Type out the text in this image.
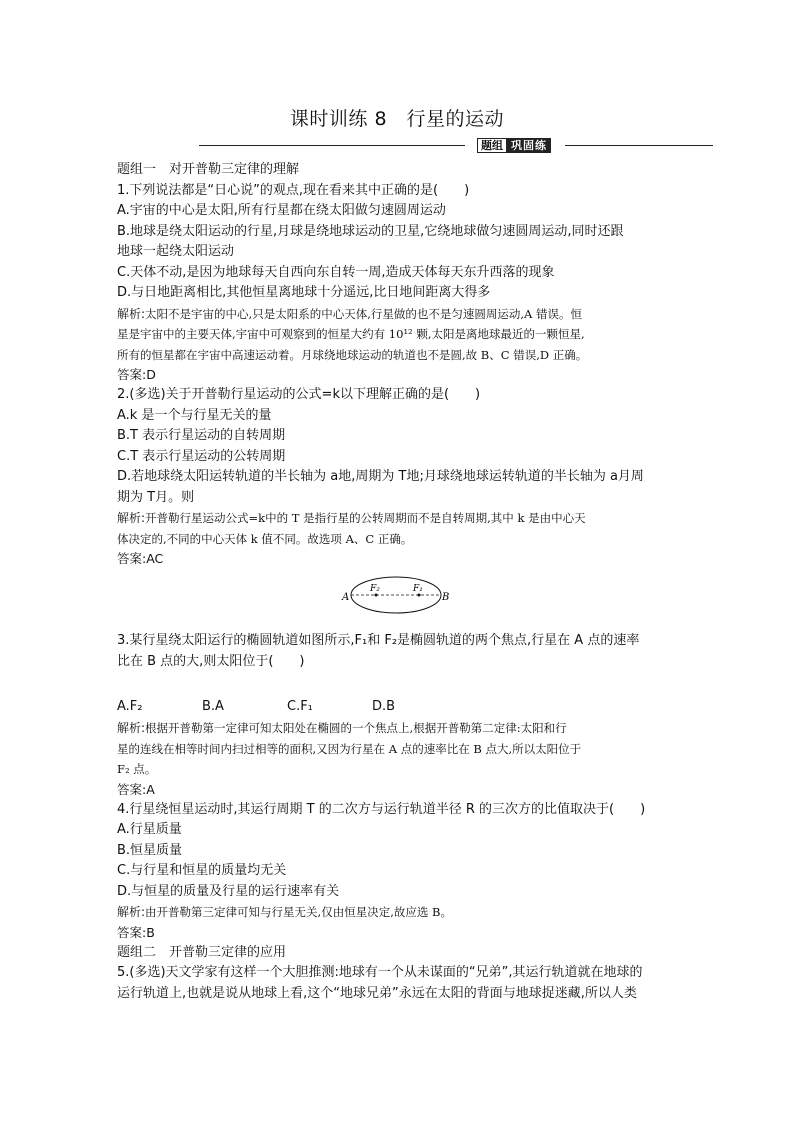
课时训练 8　行星的运动
题组 巩固练
题组一　对开普勒三定律的理解
1.下列说法都是“日心说”的观点,现在看来其中正确的是(　　)
A.宇宙的中心是太阳,所有行星都在绕太阳做匀速圆周运动
B.地球是绕太阳运动的行星,月球是绕地球运动的卫星,它绕地球做匀速圆周运动,同时还跟
地球一起绕太阳运动
C.天体不动,是因为地球每天自西向东自转一周,造成天体每天东升西落的现象
D.与日地距离相比,其他恒星离地球十分遥远,比日地间距离大得多
解析:太阳不是宇宙的中心,只是太阳系的中心天体,行星做的也不是匀速圆周运动,A 错误。恒
星是宇宙中的主要天体,宇宙中可观察到的恒星大约有 10¹² 颗,太阳是离地球最近的一颗恒星,
所有的恒星都在宇宙中高速运动着。月球绕地球运动的轨道也不是圆,故 B、C 错误,D 正确。
答案:D
2.(多选)关于开普勒行星运动的公式=k以下理解正确的是(　　)
A.k 是一个与行星无关的量
B.T 表示行星运动的自转周期
C.T 表示行星运动的公转周期
D.若地球绕太阳运转轨道的半长轴为 a地,周期为 T地;月球绕地球运转轨道的半长轴为 a月周
期为 T月。则
解析:开普勒行星运动公式=k中的 T 是指行星的公转周期而不是自转周期,其中 k 是由中心天
体决定的,不同的中心天体 k 值不同。故选项 A、C 正确。
答案:AC
A	B
F₂	F₁
3.某行星绕太阳运行的椭圆轨道如图所示,F₁和 F₂是椭圆轨道的两个焦点,行星在 A 点的速率
比在 B 点的大,则太阳位于(　　)
A.F₂	B.A	C.F₁	D.B
解析:根据开普勒第一定律可知太阳处在椭圆的一个焦点上,根据开普勒第二定律:太阳和行
星的连线在相等时间内扫过相等的面积,又因为行星在 A 点的速率比在 B 点大,所以太阳位于
F₂ 点。
答案:A
4.行星绕恒星运动时,其运行周期 T 的二次方与运行轨道半径 R 的三次方的比值取决于(　　)
A.行星质量
B.恒星质量
C.与行星和恒星的质量均无关
D.与恒星的质量及行星的运行速率有关
解析:由开普勒第三定律可知与行星无关,仅由恒星决定,故应选 B。
答案:B
题组二　开普勒三定律的应用
5.(多选)天文学家有这样一个大胆推测:地球有一个从未谋面的“兄弟”,其运行轨道就在地球的
运行轨道上,也就是说从地球上看,这个“地球兄弟”永远在太阳的背面与地球捉迷藏,所以人类
